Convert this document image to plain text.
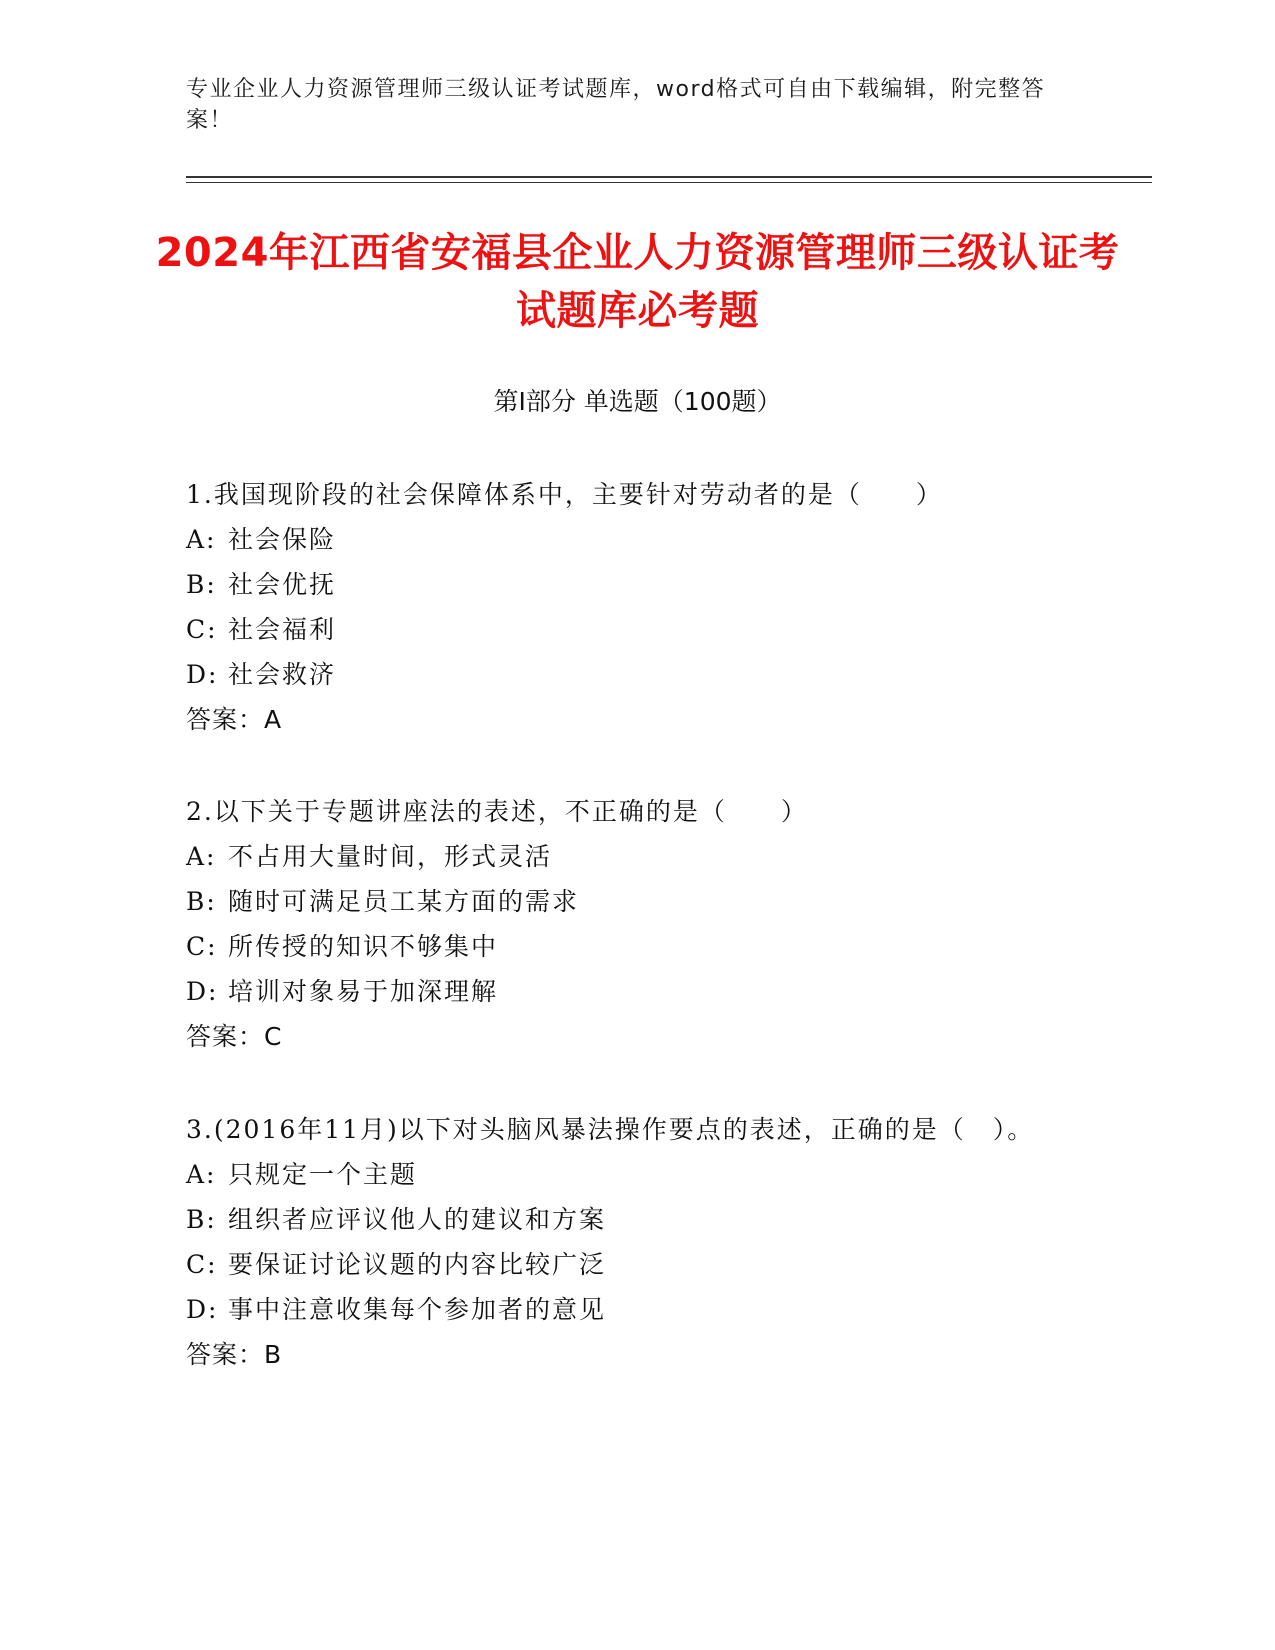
专业企业人力资源管理师三级认证考试题库，word格式可自由下载编辑，附完整答案！
2024年江西省安福县企业人力资源管理师三级认证考试题库必考题
第I部分 单选题（100题）
1.我国现阶段的社会保障体系中，主要针对劳动者的是（　　）
A: 社会保险
B: 社会优抚
C: 社会福利
D: 社会救济
答案：A
2.以下关于专题讲座法的表述，不正确的是（　　）
A: 不占用大量时间，形式灵活
B: 随时可满足员工某方面的需求
C: 所传授的知识不够集中
D: 培训对象易于加深理解
答案：C
3.(2016年11月)以下对头脑风暴法操作要点的表述，正确的是（　）。
A: 只规定一个主题
B: 组织者应评议他人的建议和方案
C: 要保证讨论议题的内容比较广泛
D: 事中注意收集每个参加者的意见
答案：B
